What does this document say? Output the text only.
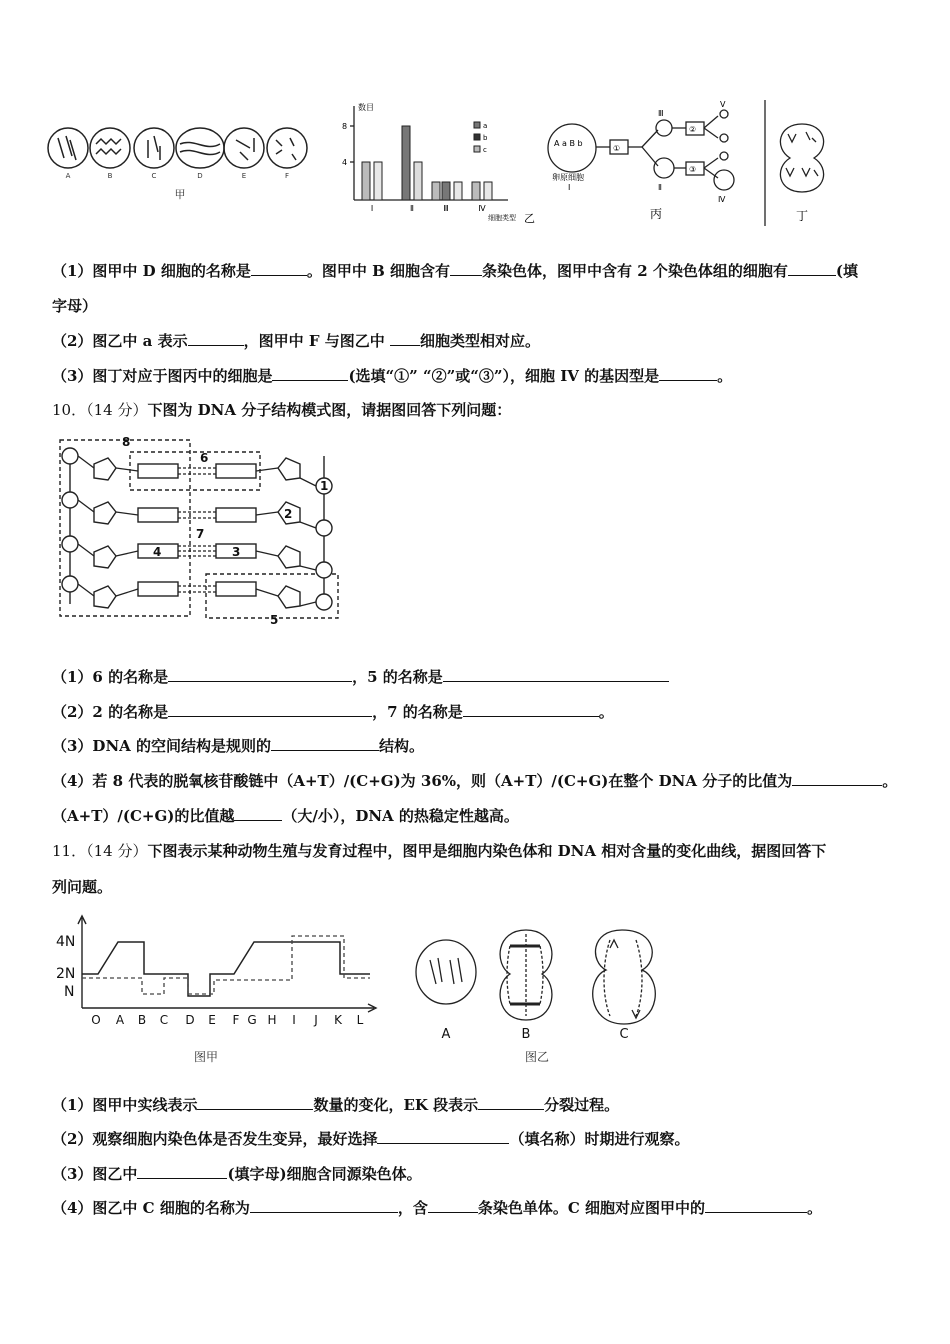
A	B	C	D	E	F
甲
数目
8
4
a
b
c
Ⅰ	Ⅱ	Ⅲ	Ⅳ
细胞类型 乙
A a B b
卵原细胞
Ⅰ
①
②
③
Ⅲ
Ⅱ
Ⅴ
Ⅳ
丙	丁
（1）图甲中 D 细胞的名称是	。图甲中 B 细胞含有 条染色体，图甲中含有 2 个染色体组的细胞有	(填
字母）
（2）图乙中 a 表示	，图甲中 F 与图乙中 细胞类型相对应。
（3）图丁对应于图丙中的细胞是	(选填“①” “②”或“③”），细胞 IV 的基因型是	。
10．（14 分）下图为 DNA 分子结构模式图，请据图回答下列问题：
8
6
1
2
7
4	3
5
（1）6 的名称是	，5 的名称是
（2）2 的名称是	，7 的名称是	。
（3）DNA 的空间结构是规则的	结构。
（4）若 8 代表的脱氧核苷酸链中（A+T）/(C+G)为 36%，则（A+T）/(C+G)在整个 DNA 分子的比值为	。
（A+T）/(C+G)的比值越	（大/小），DNA 的热稳定性越高。
11．（14 分）下图表示某种动物生殖与发育过程中，图甲是细胞内染色体和 DNA 相对含量的变化曲线，据图回答下
列问题。
4N
2N
N
O A B C D E F G H I J K L
图甲
A	B	C
图乙
（1）图甲中实线表示	数量的变化，EK 段表示	分裂过程。
（2）观察细胞内染色体是否发生变异，最好选择	（填名称）时期进行观察。
（3）图乙中	(填字母)细胞含同源染色体。
（4）图乙中 C 细胞的名称为	，含	条染色单体。C 细胞对应图甲中的	。
